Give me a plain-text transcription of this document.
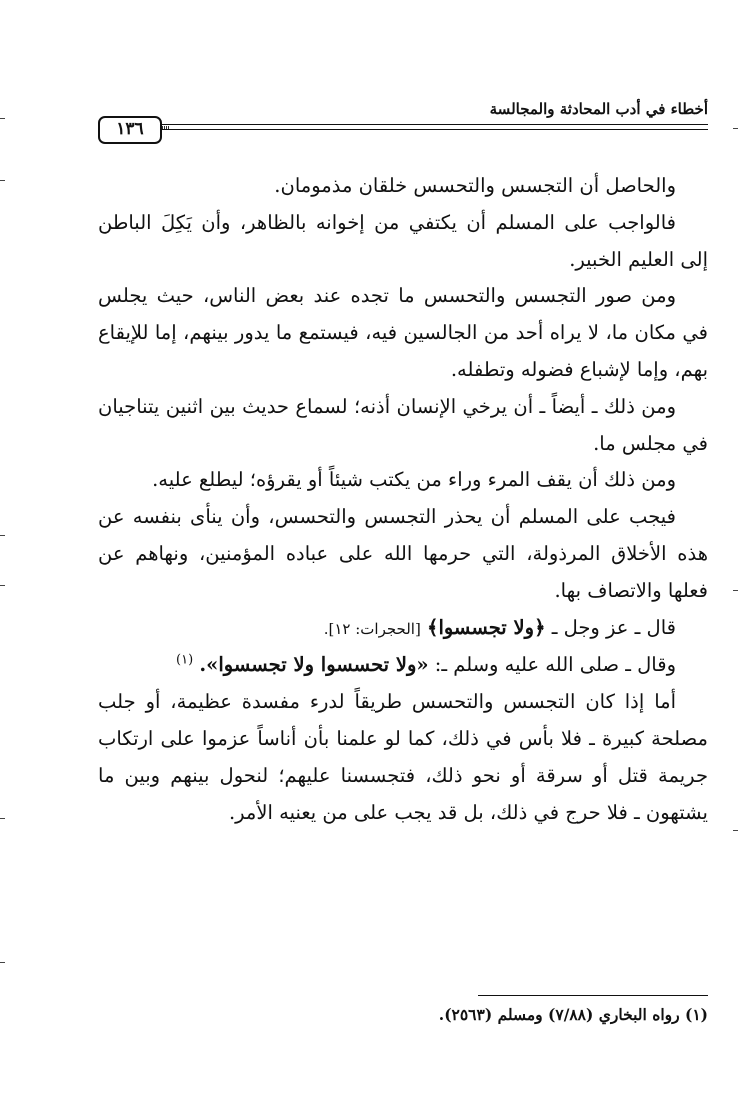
أخطاء في أدب المحادثة والمجالسة
١٣٦

والحاصل أن التجسس والتحسس خلقان مذمومان.

فالواجب على المسلم أن يكتفي من إخوانه بالظاهر، وأن يَكِلَ الباطن إلى العليم الخبير.

ومن صور التجسس والتحسس ما تجده عند بعض الناس، حيث يجلس في مكان ما، لا يراه أحد من الجالسين فيه، فيستمع ما يدور بينهم، إما للإيقاع بهم، وإما لإشباع فضوله وتطفله.

ومن ذلك ـ أيضاً ـ أن يرخي الإنسان أذنه؛ لسماع حديث بين اثنين يتناجيان في مجلس ما.

ومن ذلك أن يقف المرء وراء من يكتب شيئاً أو يقرؤه؛ ليطلع عليه.

فيجب على المسلم أن يحذر التجسس والتحسس، وأن ينأى بنفسه عن هذه الأخلاق المرذولة، التي حرمها الله على عباده المؤمنين، ونهاهم عن فعلها والاتصاف بها.

قال ـ عز وجل ـ ﴿ولا تجسسوا﴾ [الحجرات: ١٢].

وقال ـ صلى الله عليه وسلم ـ: «ولا تحسسوا ولا تجسسوا». $^{(١)}$

أما إذا كان التجسس والتحسس طريقاً لدرء مفسدة عظيمة، أو جلب مصلحة كبيرة ـ فلا بأس في ذلك، كما لو علمنا بأن أناساً عزموا على ارتكاب جريمة قتل أو سرقة أو نحو ذلك، فتجسسنا عليهم؛ لنحول بينهم وبين ما يشتهون ـ فلا حرج في ذلك، بل قد يجب على من يعنيه الأمر.

(١) رواه البخاري (٧/٨٨) ومسلم (٢٥٦٣).
